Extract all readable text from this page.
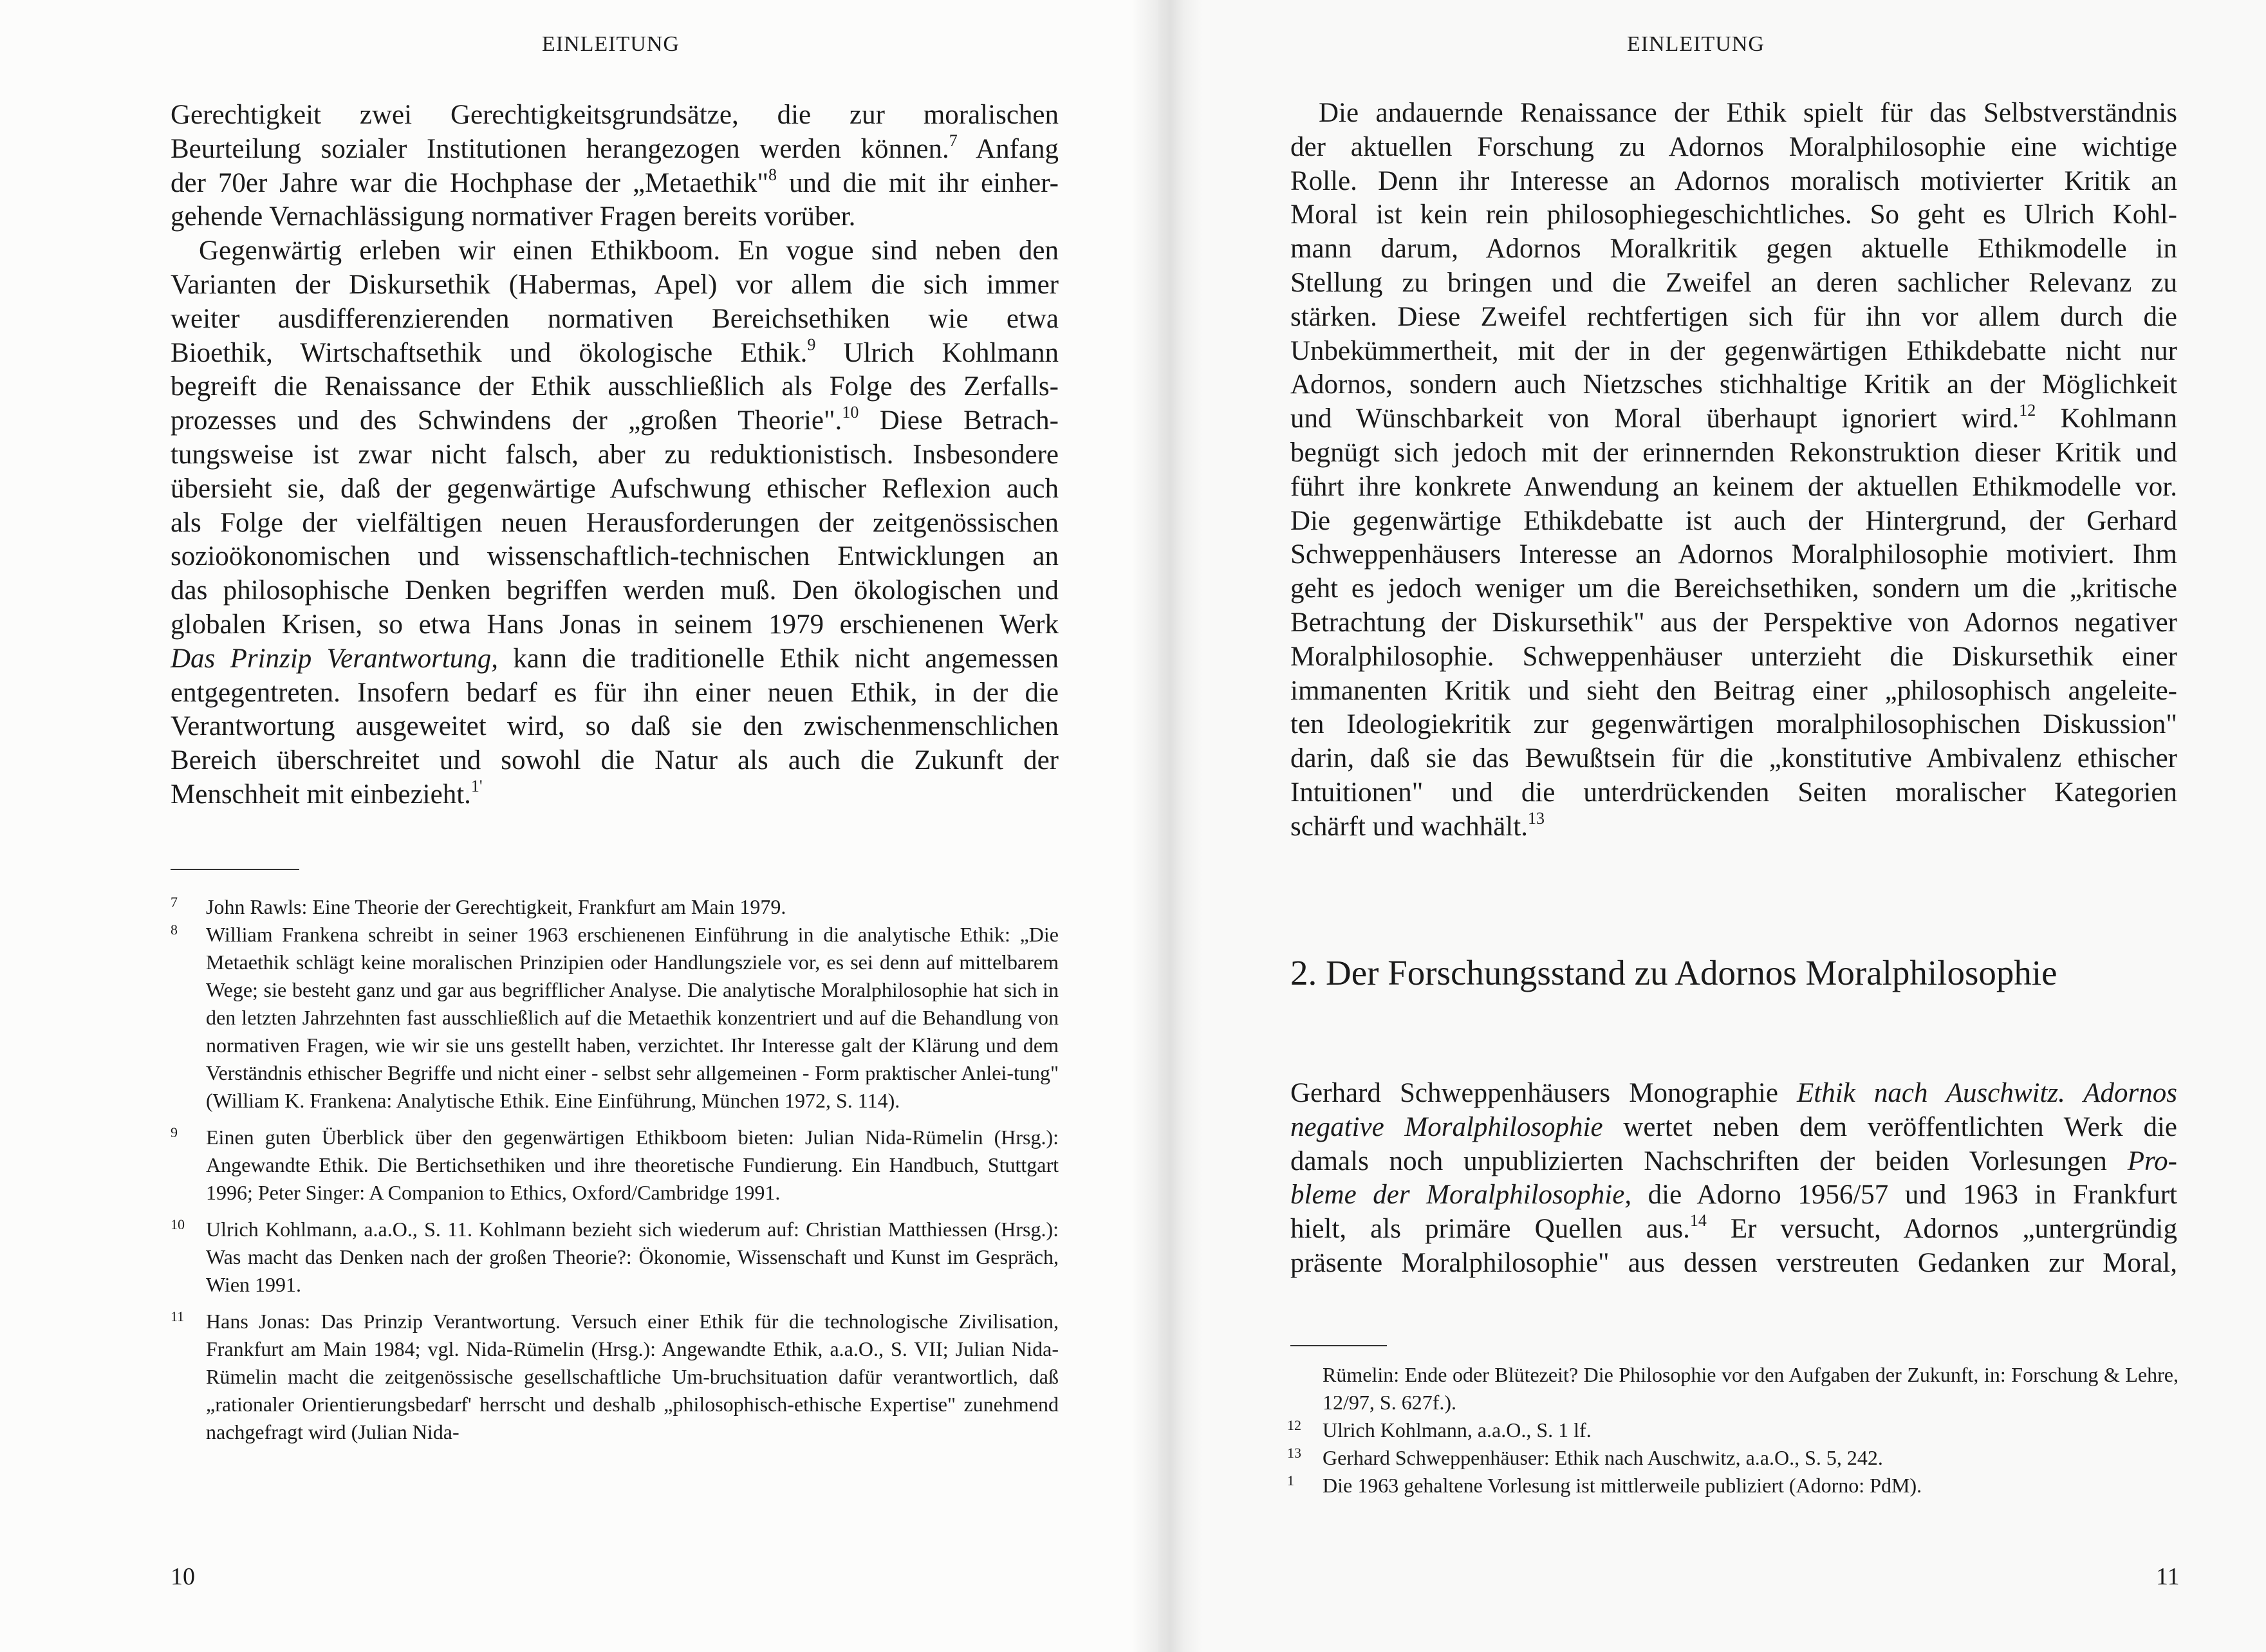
EINLEITUNG

Gerechtigkeit zwei Gerechtigkeitsgrundsätze, die zur moralischen
Beurteilung sozialer Institutionen herangezogen werden können.$^7$ Anfang
der 70er Jahre war die Hochphase der „Metaethik"$^8$ und die mit ihr einher-
gehende Vernachlässigung normativer Fragen bereits vorüber.

Gegenwärtig erleben wir einen Ethikboom. En vogue sind neben den
Varianten der Diskursethik (Habermas, Apel) vor allem die sich immer
weiter ausdifferenzierenden normativen Bereichsethiken wie etwa
Bioethik, Wirtschaftsethik und ökologische Ethik.$^9$ Ulrich Kohlmann
begreift die Renaissance der Ethik ausschließlich als Folge des Zerfalls-
prozesses und des Schwindens der „großen Theorie".$^{10}$ Diese Betrach-
tungsweise ist zwar nicht falsch, aber zu reduktionistisch. Insbesondere
übersieht sie, daß der gegenwärtige Aufschwung ethischer Reflexion auch
als Folge der vielfältigen neuen Herausforderungen der zeitgenössischen
sozioökonomischen und wissenschaftlich-technischen Entwicklungen an
das philosophische Denken begriffen werden muß. Den ökologischen und
globalen Krisen, so etwa Hans Jonas in seinem 1979 erschienenen Werk
Das Prinzip Verantwortung, kann die traditionelle Ethik nicht angemessen
entgegentreten. Insofern bedarf es für ihn einer neuen Ethik, in der die
Verantwortung ausgeweitet wird, so daß sie den zwischenmenschlichen
Bereich überschreitet und sowohl die Natur als auch die Zukunft der
Menschheit mit einbezieht.$^{1'}$

7 John Rawls: Eine Theorie der Gerechtigkeit, Frankfurt am Main 1979.
8 William Frankena schreibt in seiner 1963 erschienenen Einführung in die analytische Ethik: „Die Metaethik schlägt keine moralischen Prinzipien oder Handlungsziele vor, es sei denn auf mittelbarem Wege; sie besteht ganz und gar aus begrifflicher Analyse. Die analytische Moralphilosophie hat sich in den letzten Jahrzehnten fast ausschließlich auf die Metaethik konzentriert und auf die Behandlung von normativen Fragen, wie wir sie uns gestellt haben, verzichtet. Ihr Interesse galt der Klärung und dem Verständnis ethischer Begriffe und nicht einer - selbst sehr allgemeinen - Form praktischer Anlei-tung" (William K. Frankena: Analytische Ethik. Eine Einführung, München 1972, S. 114).
9 Einen guten Überblick über den gegenwärtigen Ethikboom bieten: Julian Nida-Rümelin (Hrsg.): Angewandte Ethik. Die Bertichsethiken und ihre theoretische Fundierung. Ein Handbuch, Stuttgart 1996; Peter Singer: A Companion to Ethics, Oxford/Cambridge 1991.
10 Ulrich Kohlmann, a.a.O., S. 11. Kohlmann bezieht sich wiederum auf: Christian Matthiessen (Hrsg.): Was macht das Denken nach der großen Theorie?: Ökonomie, Wissenschaft und Kunst im Gespräch, Wien 1991.
11 Hans Jonas: Das Prinzip Verantwortung. Versuch einer Ethik für die technologische Zivilisation, Frankfurt am Main 1984; vgl. Nida-Rümelin (Hrsg.): Angewandte Ethik, a.a.O., S. VII; Julian Nida-Rümelin macht die zeitgenössische gesellschaftliche Um-bruchsituation dafür verantwortlich, daß „rationaler Orientierungsbedarf' herrscht und deshalb „philosophisch-ethische Expertise" zunehmend nachgefragt wird (Julian Nida-
10
EINLEITUNG

Die andauernde Renaissance der Ethik spielt für das Selbstverständnis
der aktuellen Forschung zu Adornos Moralphilosophie eine wichtige
Rolle. Denn ihr Interesse an Adornos moralisch motivierter Kritik an
Moral ist kein rein philosophiegeschichtliches. So geht es Ulrich Kohl-
mann darum, Adornos Moralkritik gegen aktuelle Ethikmodelle in
Stellung zu bringen und die Zweifel an deren sachlicher Relevanz zu
stärken. Diese Zweifel rechtfertigen sich für ihn vor allem durch die
Unbekümmertheit, mit der in der gegenwärtigen Ethikdebatte nicht nur
Adornos, sondern auch Nietzsches stichhaltige Kritik an der Möglichkeit
und Wünschbarkeit von Moral überhaupt ignoriert wird.$^{12}$ Kohlmann
begnügt sich jedoch mit der erinnernden Rekonstruktion dieser Kritik und
führt ihre konkrete Anwendung an keinem der aktuellen Ethikmodelle vor.
Die gegenwärtige Ethikdebatte ist auch der Hintergrund, der Gerhard
Schweppenhäusers Interesse an Adornos Moralphilosophie motiviert. Ihm
geht es jedoch weniger um die Bereichsethiken, sondern um die „kritische
Betrachtung der Diskursethik" aus der Perspektive von Adornos negativer
Moralphilosophie. Schweppenhäuser unterzieht die Diskursethik einer
immanenten Kritik und sieht den Beitrag einer „philosophisch angeleite-
ten Ideologiekritik zur gegenwärtigen moralphilosophischen Diskussion"
darin, daß sie das Bewußtsein für die „konstitutive Ambivalenz ethischer
Intuitionen" und die unterdrückenden Seiten moralischer Kategorien
schärft und wachhält.$^{13}$

2. Der Forschungsstand zu Adornos Moralphilosophie

Gerhard Schweppenhäusers Monographie Ethik nach Auschwitz. Adornos
negative Moralphilosophie wertet neben dem veröffentlichten Werk die
damals noch unpublizierten Nachschriften der beiden Vorlesungen Pro-
bleme der Moralphilosophie, die Adorno 1956/57 und 1963 in Frankfurt
hielt, als primäre Quellen aus.$^{14}$ Er versucht, Adornos „untergründig
präsente Moralphilosophie" aus dessen verstreuten Gedanken zur Moral,

Rümelin: Ende oder Blütezeit? Die Philosophie vor den Aufgaben der Zukunft, in: Forschung & Lehre, 12/97, S. 627f.).
12 Ulrich Kohlmann, a.a.O., S. 1 lf.
13 Gerhard Schweppenhäuser: Ethik nach Auschwitz, a.a.O., S. 5, 242.
1 Die 1963 gehaltene Vorlesung ist mittlerweile publiziert (Adorno: PdM).
11
